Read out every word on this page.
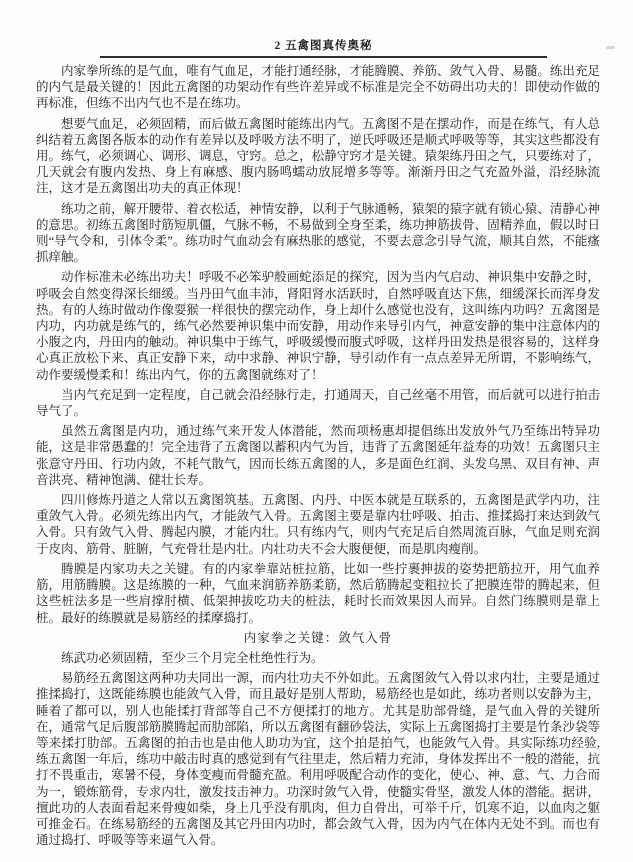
2 五禽图真传奥秘

内家拳所练的是气血，唯有气血足，才能打通经脉，才能腾膜、养筋、敛气入骨、易髓。练出充足的内气是最关键的！因此五禽图的功架动作有些许差异或不标准是完全不妨碍出功夫的！即使动作做的再标准，但练不出内气也不是在练功。

想要气血足，必须固精，而后做五禽图时能练出内气。五禽图不是在摆动作，而是在练气，有人总纠结着五禽图各版本的动作有差异以及呼吸方法不明了，逆氏呼吸还是顺式呼吸等等，其实这些都没有用。练气，必须调心、调形、调息，守窍。总之，松静守窍才是关键。猿架练丹田之气，只要练对了，几天就会有腹内发热、身上有麻感、腹内肠鸣蠕动放屁增多等等。渐渐丹田之气充盈外溢，沿经脉流注，这才是五禽图出功夫的真正体现！

练功之前，解开腰带、着衣松适，神情安静，以利于气脉通畅，猿架的猿字就有锁心猿、清静心神的意思。初练五禽图时筋短肌僵，气脉不畅，不易做到全身至柔，练功抻筋拔骨、固精养血，假以时日则“导气令和，引体令柔”。练功时气血动会有麻热胀的感觉，不要去意念引导气流，顺其自然，不能瘙抓痒触。

动作标准未必练出功夫！呼吸不必笨驴般画蛇添足的探究，因为当内气启动、神识集中安静之时，呼吸会自然变得深长细缓。当丹田气血丰沛，肾阳肾水活跃时，自然呼吸直达下焦，细缓深长而浑身发热。有的人练时做动作像耍猴一样很快的摆完动作，身上却什么感觉也没有，这叫练内功吗？五禽图是内功，内功就是练气的，练气必然要神识集中而安静，用动作来导引内气，神意安静的集中注意体内的小腹之内，丹田内的触动。神识集中于练气，呼吸缓慢而腹式呼吸，这样丹田发热是很容易的，这样身心真正放松下来、真正安静下来，动中求静、神识宁静，导引动作有一点点差异无所谓，不影响练气，动作要缓慢柔和！练出内气，你的五禽图就练对了！

当内气充足到一定程度，自己就会沿经脉行走，打通周天，自己丝毫不用管，而后就可以进行拍击导气了。

虽然五禽图是内功，通过练气来开发人体潜能，然而项杨惠却提倡练出发放外气乃至练出特异功能，这是非常愚蠢的！完全违背了五禽图以蓄积内气为旨，违背了五禽图延年益寿的功效！五禽图只主张意守丹田、行功内敛，不耗气散气，因而长练五禽图的人，多是面色红润、头发乌黑、双目有神、声音洪亮、精神饱满、健壮长寿。

四川修炼丹道之人常以五禽图筑基。五禽图、内丹、中医本就是互联系的，五禽图是武学内功，注重敛气入骨。必须先练出内气，才能敛气入骨。五禽图主要是靠内壮呼吸、拍击、推揉捣打来达到敛气入骨。只有敛气入骨、腾起内膜，才能内壮。只有练内气，则内气充足后自然周流百脉，气血足则充润于皮肉、筋骨、脏腑，气充骨壮是内壮。内壮功夫不会大腹便便，而是肌肉瘦削。

腾膜是内家功夫之关键。有的内家拳靠站桩拉筋，比如一些拧裹抻拔的姿势把筋拉开，用气血养筋，用筋腾膜。这是练膜的一种，气血来润筋养筋柔筋，然后筋腾起变粗拉长了把膜连带的腾起来，但这些桩法多是一些肩撑肘横、低架抻拔吃功夫的桩法，耗时长而效果因人而异。自然门练膜则是靠上桩。最好的练膜就是易筋经的揉摩捣打。

内家拳之关键：敛气入骨

练武功必须固精，至少三个月完全杜绝性行为。

易筋经五禽图这两种功夫同出一源，而内壮功夫不外如此。五禽图敛气入骨以求内壮，主要是通过推揉捣打，这既能练膜也能敛气入骨，而且最好是别人帮助，易筋经也是如此，练功者则以安静为主，睡着了都可以，别人也能揉打背部等自己不方便揉打的地方。尤其是肋部骨缝，是气血入骨的关键所在，通常气足后腹部筋膜腾起而肋部陷，所以五禽图有翻砂袋法，实际上五禽图捣打主要是竹条沙袋等等来揉打肋部。五禽图的拍击也是由他人助功为宜，这个拍是拍气，也能敛气入骨。具实际练功经验,练五禽图一年后，练功中敲击时真的感觉到有气往里走，然后精力充沛，身体发挥出不一般的潜能，抗打不畏重击，寒暑不侵，身体变瘦而骨髓充盈。利用呼吸配合动作的变化，使心、神、意、气、力合而为一，锻炼筋骨，专求内壮，激发技击神力。功深时敛气入骨，使髓实骨坚，激发人体的潜能。据讲，擅此功的人表面看起来骨瘦如柴，身上几乎没有肌肉，但力自骨出，可举千斤，饥寒不迫，以血肉之躯可推金石。在练易筋经的五禽图及其它丹田内功时，都会敛气入骨，因为内气在体内无处不到。而也有通过捣打、呼吸等等来逼气入骨。
